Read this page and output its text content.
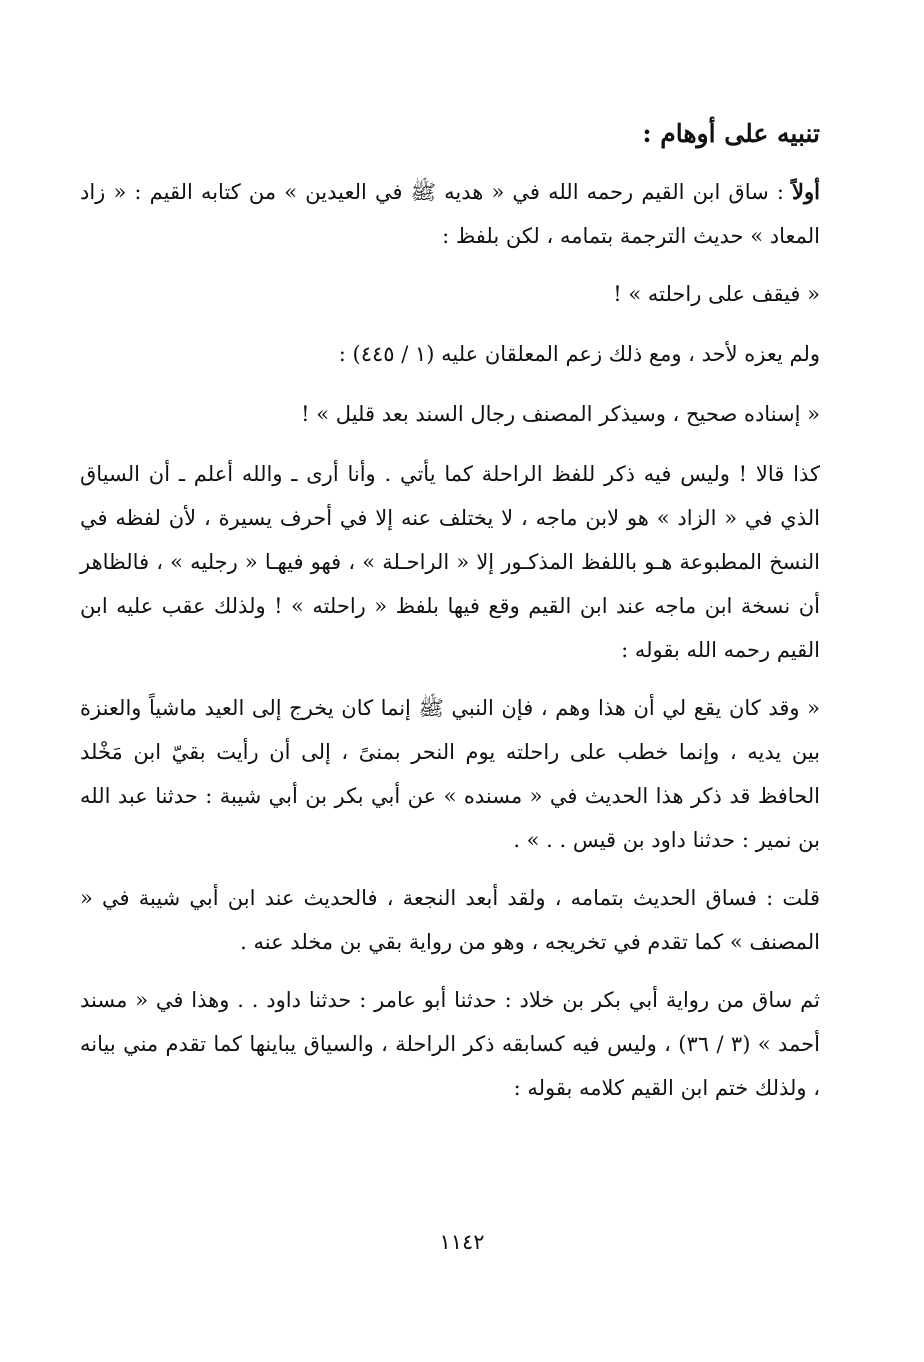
تنبيه على أوهام :

أولاً : ساق ابن القيم رحمه الله في « هديه ﷺ في العيدين » من كتابه القيم : « زاد المعاد » حديث الترجمة بتمامه ، لكن بلفظ :

« فيقف على راحلته » !

ولم يعزه لأحد ، ومع ذلك زعم المعلقان عليه (١ / ٤٤٥) :

« إسناده صحيح ، وسيذكر المصنف رجال السند بعد قليل » !

كذا قالا ! وليس فيه ذكر للفظ الراحلة كما يأتي . وأنا أرى ـ والله أعلم ـ أن السياق الذي في « الزاد » هو لابن ماجه ، لا يختلف عنه إلا في أحرف يسيرة ، لأن لفظه في النسخ المطبوعة هـو باللفظ المذكـور إلا « الراحـلة » ، فهو فيهـا « رجليه » ، فالظاهر أن نسخة ابن ماجه عند ابن القيم وقع فيها بلفظ « راحلته » ! ولذلك عقب عليه ابن القيم رحمه الله بقوله :

« وقد كان يقع لي أن هذا وهم ، فإن النبي ﷺ إنما كان يخرج إلى العيد ماشياً والعنزة بين يديه ، وإنما خطب على راحلته يوم النحر بمنىً ، إلى أن رأيت بقيّ ابن مَخْلد الحافظ قد ذكر هذا الحديث في « مسنده » عن أبي بكر بن أبي شيبة : حدثنا عبد الله بن نمير : حدثنا داود بن قيس . . » .

قلت : فساق الحديث بتمامه ، ولقد أبعد النجعة ، فالحديث عند ابن أبي شيبة في « المصنف » كما تقدم في تخريجه ، وهو من رواية بقي بن مخلد عنه .

ثم ساق من رواية أبي بكر بن خلاد : حدثنا أبو عامر : حدثنا داود . . وهذا في « مسند أحمد » (٣ / ٣٦) ، وليس فيه كسابقه ذكر الراحلة ، والسياق يباينها كما تقدم مني بيانه ، ولذلك ختم ابن القيم كلامه بقوله :

١١٤٢
